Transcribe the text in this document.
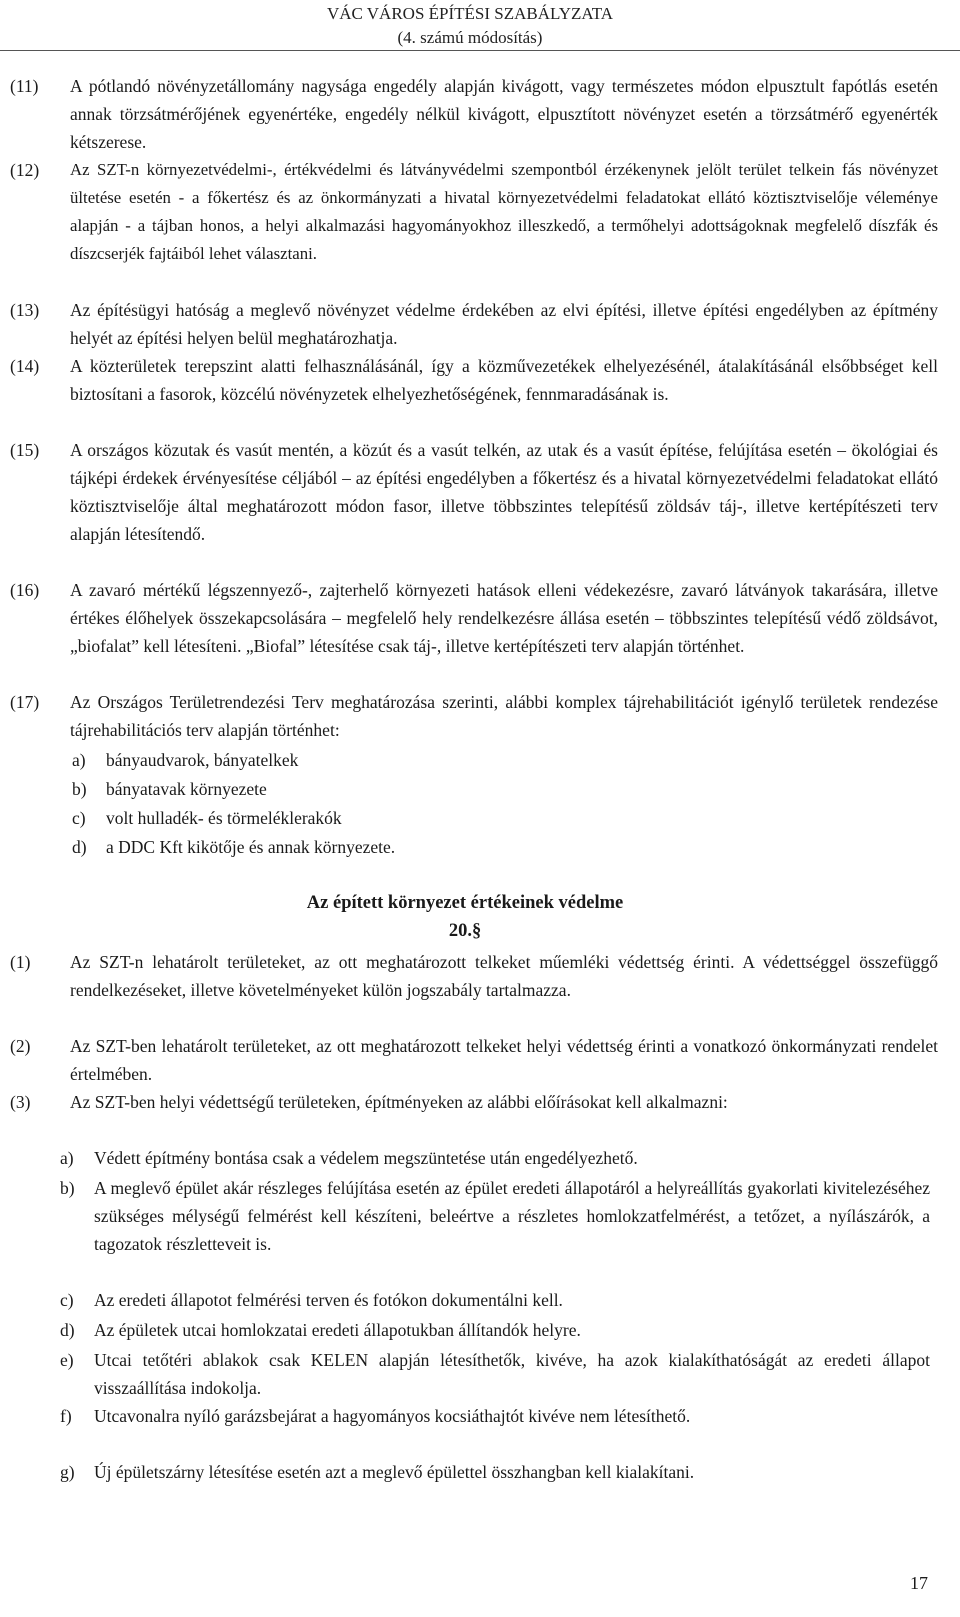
VÁC VÁROS ÉPÍTÉSI SZABÁLYZATA
(4. számú módosítás)
(11)	A pótlandó növényzetállomány nagysága engedély alapján kivágott, vagy természetes módon elpusztult fapótlás esetén annak törzsátmérőjének egyenértéke, engedély nélkül kivágott, elpusztított növényzet esetén a törzsátmérő egyenérték kétszerese.
(12)	Az SZT-n környezetvédelmi-, értékvédelmi és látványvédelmi szempontból érzékenynek jelölt terület telkein fás növényzet ültetése esetén - a főkertész és az önkormányzati a hivatal környezetvédelmi feladatokat ellátó köztisztviselője véleménye alapján - a tájban honos, a helyi alkalmazási hagyományokhoz illeszkedő, a termőhelyi adottságoknak megfelelő díszfák és díszcserjék fajtáiból lehet választani.
(13)	Az építésügyi hatóság a meglevő növényzet védelme érdekében az elvi építési, illetve építési engedélyben az építmény helyét az építési helyen belül meghatározhatja.
(14)	A közterületek terepszint alatti felhasználásánál, így a közművezetékek elhelyezésénél, átalakításánál elsőbbséget kell biztosítani a fasorok, közcélú növényzetek elhelyezhetőségének, fennmaradásának is.
(15)	A országos közutak és vasút mentén, a közút és a vasút telkén, az utak és a vasút építése, felújítása esetén – ökológiai és tájképi érdekek érvényesítése céljából – az építési engedélyben a főkertész és a hivatal környezetvédelmi feladatokat ellátó köztisztviselője által meghatározott módon fasor, illetve többszintes telepítésű zöldsáv táj-, illetve kertépítészeti terv alapján létesítendő.
(16)	A zavaró mértékű légszennyező-, zajterhelő környezeti hatások elleni védekezésre, zavaró látványok takarására, illetve értékes élőhelyek összekapcsolására – megfelelő hely rendelkezésre állása esetén – többszintes telepítésű védő zöldsávot, „biofalat” kell létesíteni. „Biofal” létesítése csak táj-, illetve kertépítészeti terv alapján történhet.
(17)	Az Országos Területrendezési Terv meghatározása szerinti, alábbi komplex tájrehabilitációt igénylő területek rendezése tájrehabilitációs terv alapján történhet:
a)	bányaudvarok, bányatelkek
b)	bányatavak környezete
c)	volt hulladék- és törmeléklerakók
d)	a DDC Kft kikötője és annak környezete.
Az épített környezet értékeinek védelme
20.§
(1)	Az SZT-n lehatárolt területeket, az ott meghatározott telkeket műemléki védettség érinti. A védettséggel összefüggő rendelkezéseket, illetve követelményeket külön jogszabály tartalmazza.
(2)	Az SZT-ben lehatárolt területeket, az ott meghatározott telkeket helyi védettség érinti a vonatkozó önkormányzati rendelet értelmében.
(3)	Az SZT-ben helyi védettségű területeken, építményeken az alábbi előírásokat kell alkalmazni:
a)	Védett építmény bontása csak a védelem megszüntetése után engedélyezhető.
b)	A meglevő épület akár részleges felújítása esetén az épület eredeti állapotáról a helyreállítás gyakorlati kivitelezéséhez szükséges mélységű felmérést kell készíteni, beleértve a részletes homlokzatfelmérést, a tetőzet, a nyílászárók, a tagozatok részletteveit is.
c)	Az eredeti állapotot felmérési terven és fotókon dokumentálni kell.
d)	Az épületek utcai homlokzatai eredeti állapotukban állítandók helyre.
e)	Utcai tetőtéri ablakok csak KELEN alapján létesíthetők, kivéve, ha azok kialakíthatóságát az eredeti állapot visszaállítása indokolja.
f)	Utcavonalra nyíló garázsbejárat a hagyományos kocsiáthajtót kivéve nem létesíthető.
g)	Új épületszárny létesítése esetén azt a meglevő épülettel összhangban kell kialakítani.
17
